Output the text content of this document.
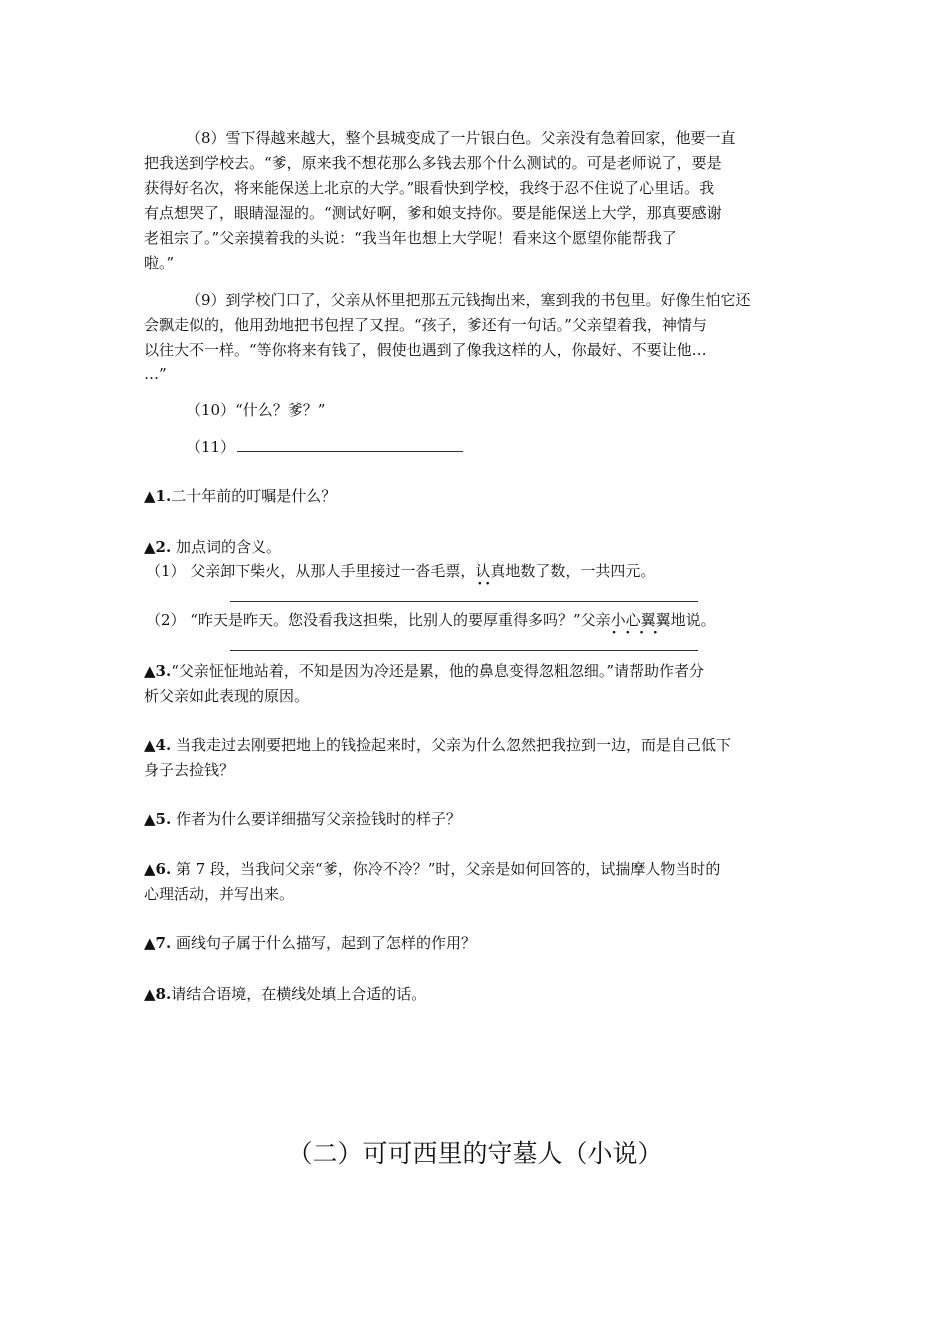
（8）雪下得越来越大，整个县城变成了一片银白色。父亲没有急着回家，他要一直
把我送到学校去。“爹，原来我不想花那么多钱去那个什么测试的。可是老师说了，要是
获得好名次，将来能保送上北京的大学。”眼看快到学校，我终于忍不住说了心里话。我
有点想哭了，眼睛湿湿的。“测试好啊，爹和娘支持你。要是能保送上大学，那真要感谢
老祖宗了。”父亲摸着我的头说：“我当年也想上大学呢！看来这个愿望你能帮我了
啦。”
（9）到学校门口了，父亲从怀里把那五元钱掏出来，塞到我的书包里。好像生怕它还
会飘走似的，他用劲地把书包捏了又捏。“孩子，爹还有一句话。”父亲望着我，神情与
以往大不一样。“等你将来有钱了，假使也遇到了像我这样的人，你最好、不要让他…
…”
（10）“什么？爹？”
（11）
▲1.二十年前的叮嘱是什么？
▲2. 加点词的含义。
（1） 父亲卸下柴火，从那人手里接过一沓毛票，认真 ··地数了数，一共四元。
（2） “昨天是昨天。您没看我这担柴，比别人的要厚重得多吗？”父亲小心翼翼 · · · ·地说。
▲3.“父亲怔怔地站着，不知是因为冷还是累，他的鼻息变得忽粗忽细。”请帮助作者分
析父亲如此表现的原因。
▲4. 当我走过去刚要把地上的钱捡起来时，父亲为什么忽然把我拉到一边，而是自己低下
身子去捡钱？
▲5. 作者为什么要详细描写父亲捡钱时的样子？
▲6. 第 7 段，当我问父亲“爹，你冷不冷？”时，父亲是如何回答的，试揣摩人物当时的
心理活动，并写出来。
▲7. 画线句子属于什么描写，起到了怎样的作用？
▲8.请结合语境，在横线处填上合适的话。
（二）可可西里的守墓人（小说）
